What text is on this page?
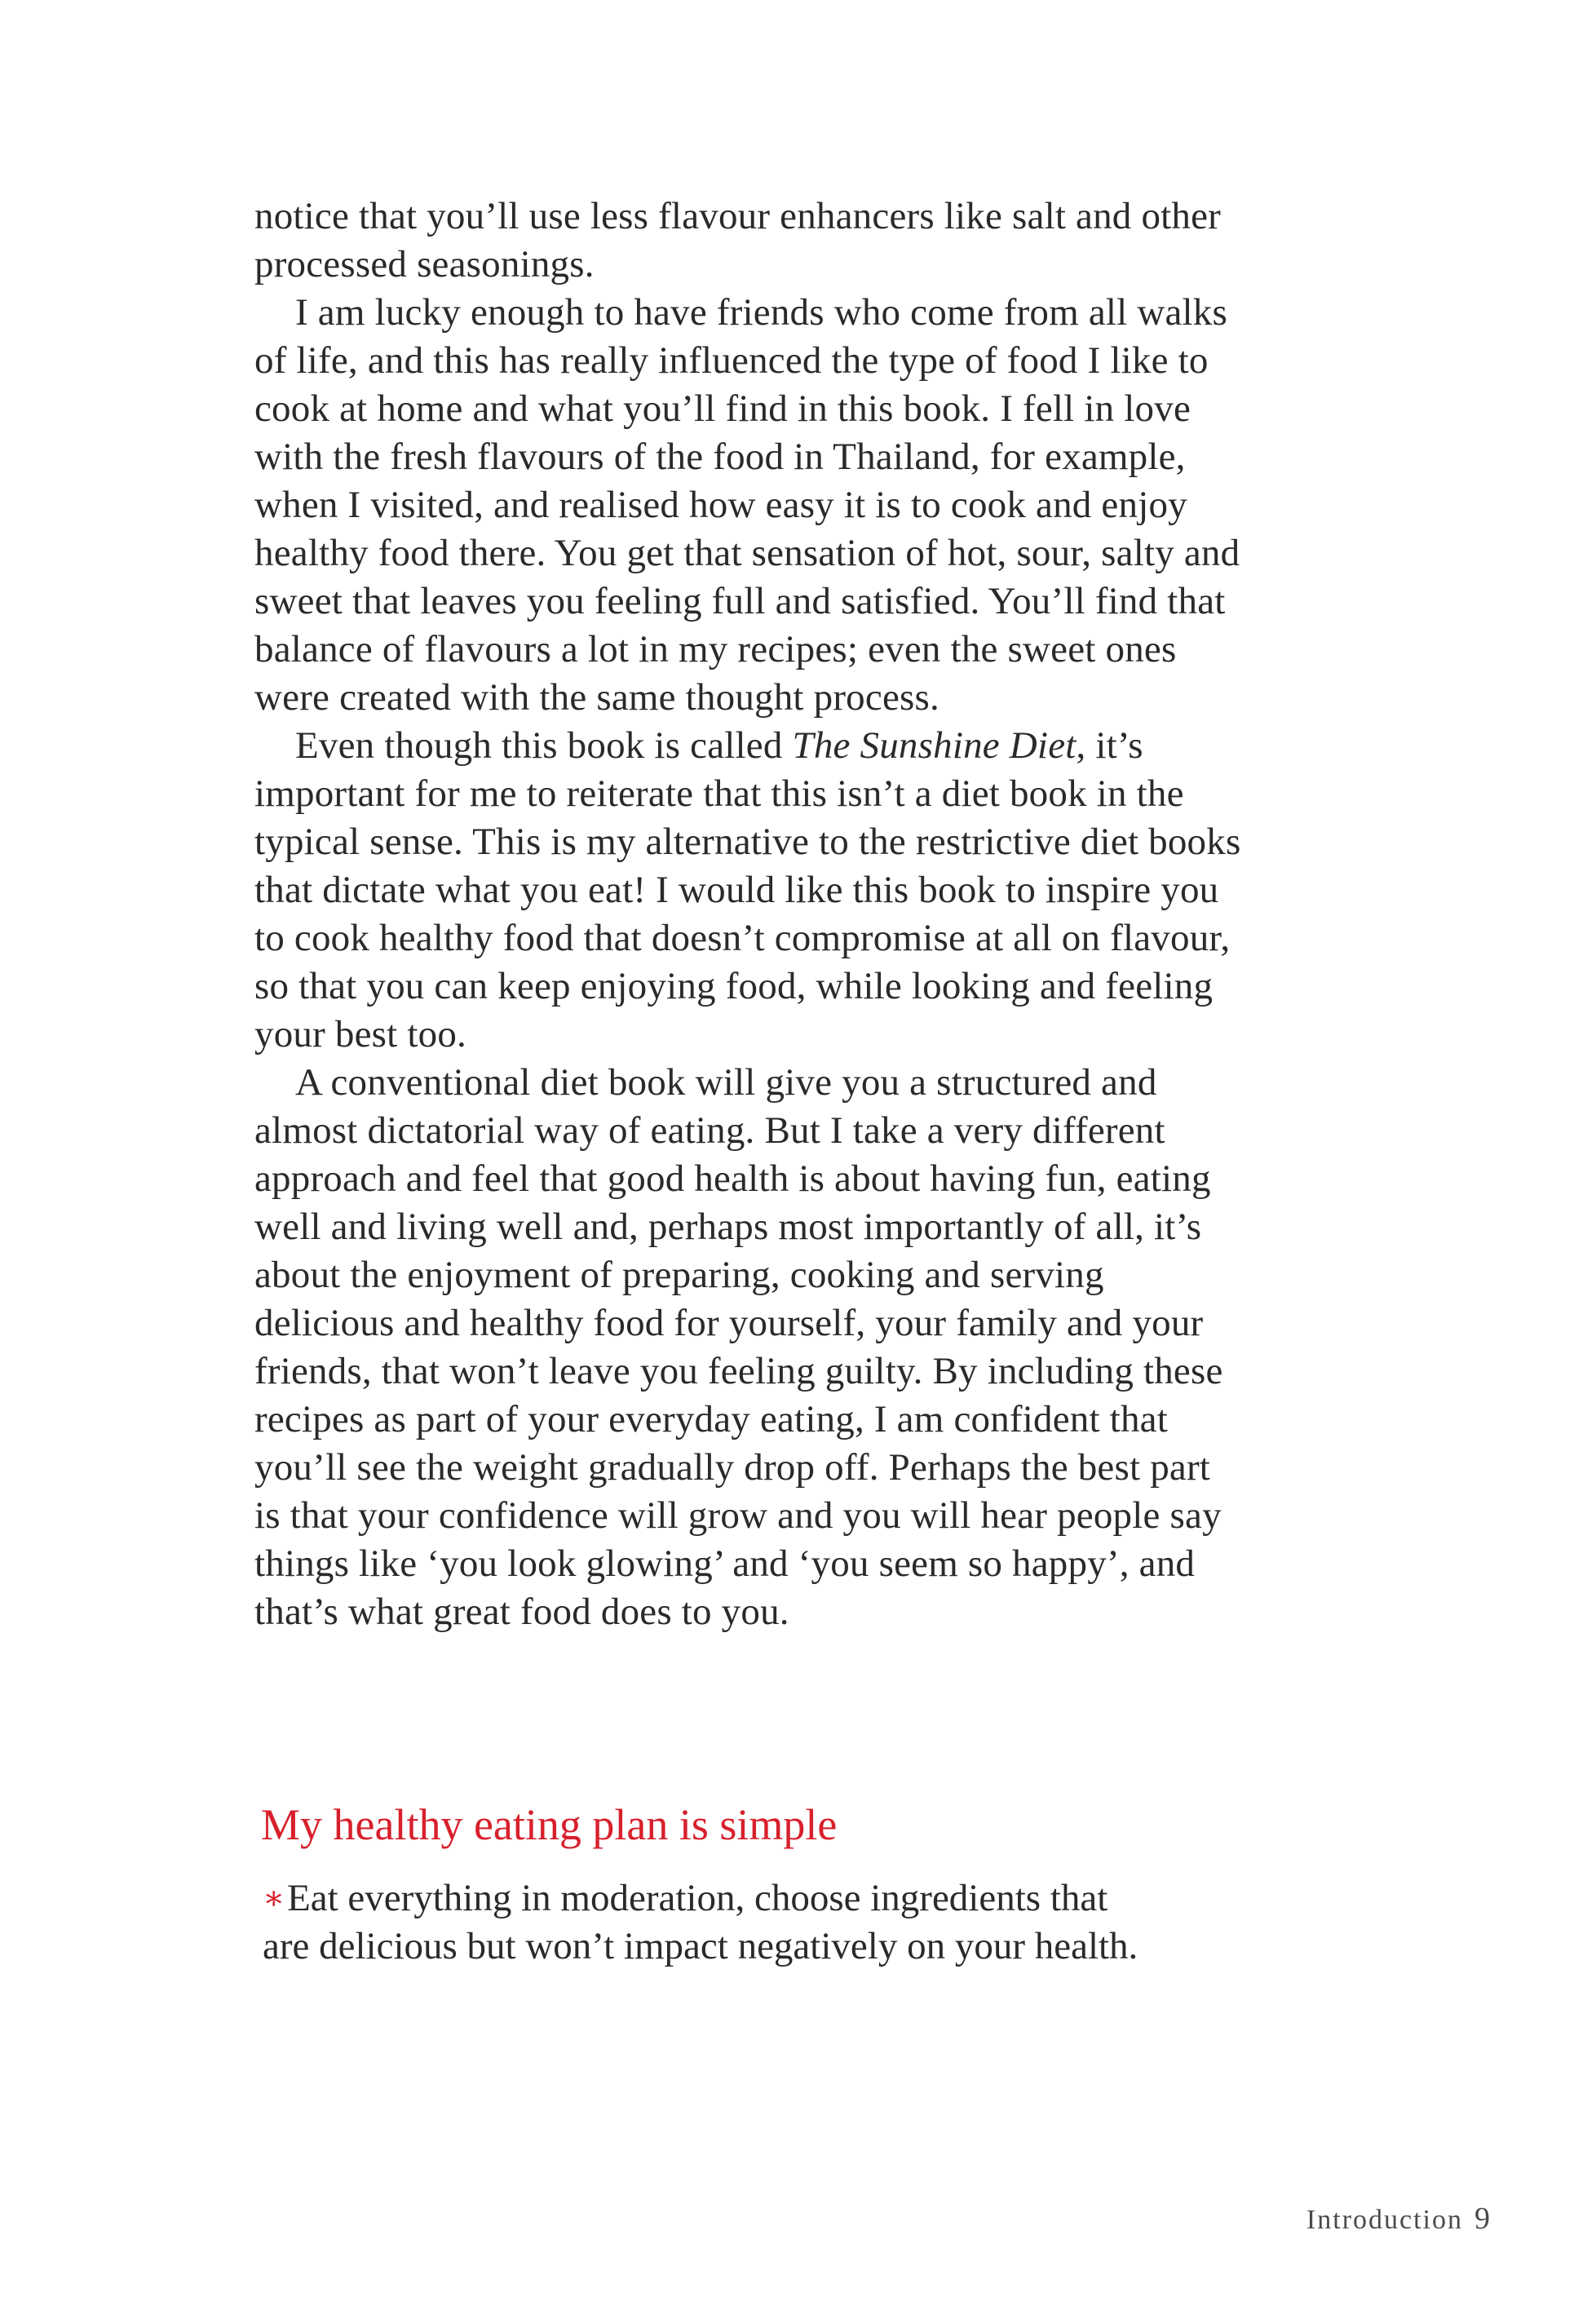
notice that you’ll use less flavour enhancers like salt and other processed seasonings.

I am lucky enough to have friends who come from all walks of life, and this has really influenced the type of food I like to cook at home and what you’ll find in this book. I fell in love with the fresh flavours of the food in Thailand, for example, when I visited, and realised how easy it is to cook and enjoy healthy food there. You get that sensation of hot, sour, salty and sweet that leaves you feeling full and satisfied. You’ll find that balance of flavours a lot in my recipes; even the sweet ones were created with the same thought process.

Even though this book is called The Sunshine Diet, it’s important for me to reiterate that this isn’t a diet book in the typical sense. This is my alternative to the restrictive diet books that dictate what you eat! I would like this book to inspire you to cook healthy food that doesn’t compromise at all on flavour, so that you can keep enjoying food, while looking and feeling your best too.

A conventional diet book will give you a structured and almost dictatorial way of eating. But I take a very different approach and feel that good health is about having fun, eating well and living well and, perhaps most importantly of all, it’s about the enjoyment of preparing, cooking and serving delicious and healthy food for yourself, your family and your friends, that won’t leave you feeling guilty. By including these recipes as part of your everyday eating, I am confident that you’ll see the weight gradually drop off. Perhaps the best part is that your confidence will grow and you will hear people say things like ‘you look glowing’ and ‘you seem so happy’, and that’s what great food does to you.

My healthy eating plan is simple

∗Eat everything in moderation, choose ingredients that are delicious but won’t impact negatively on your health.

Introduction 9
